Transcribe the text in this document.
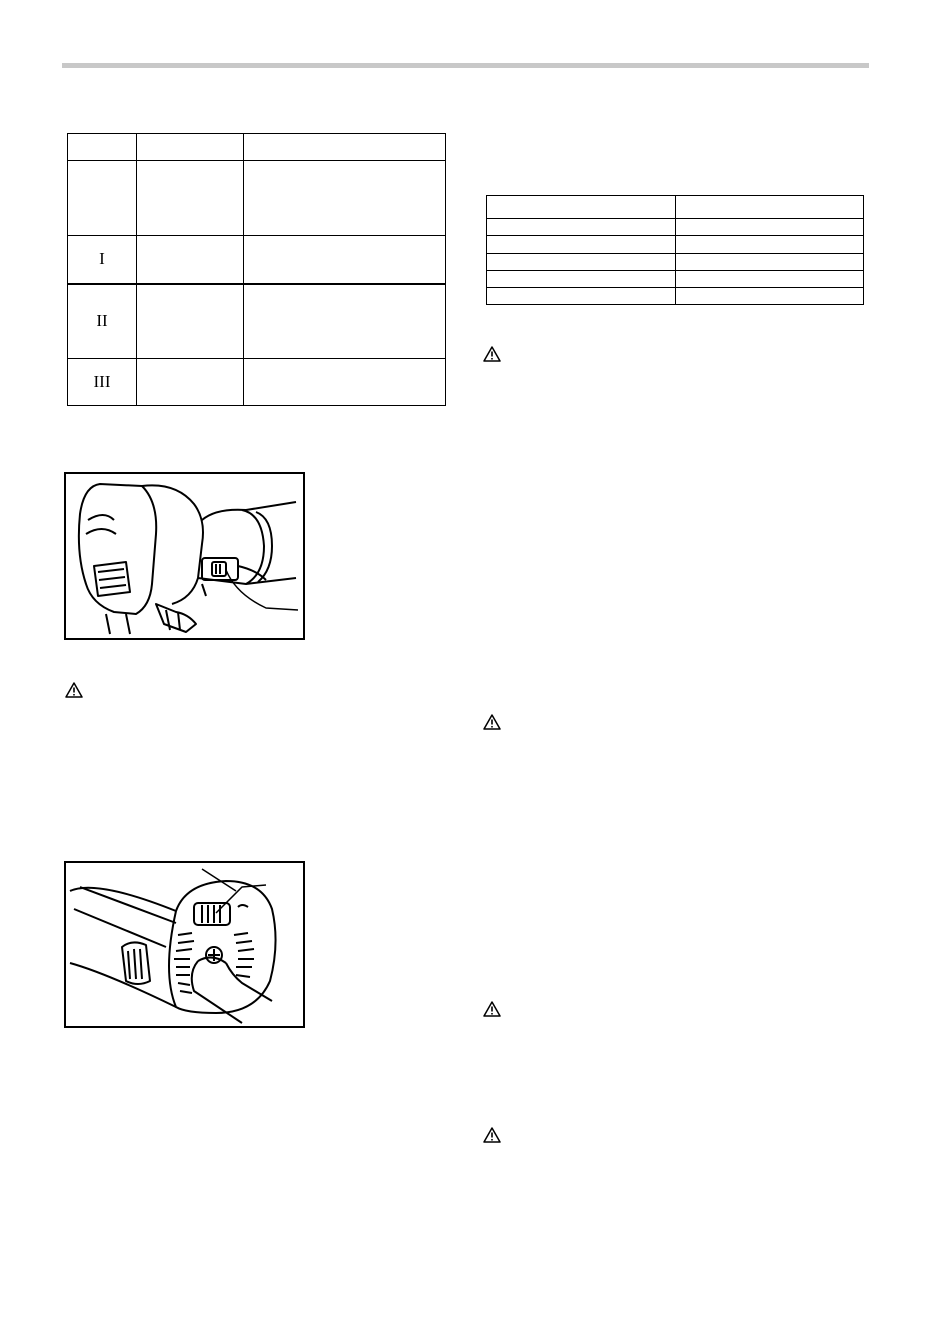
I		
II		
III		
